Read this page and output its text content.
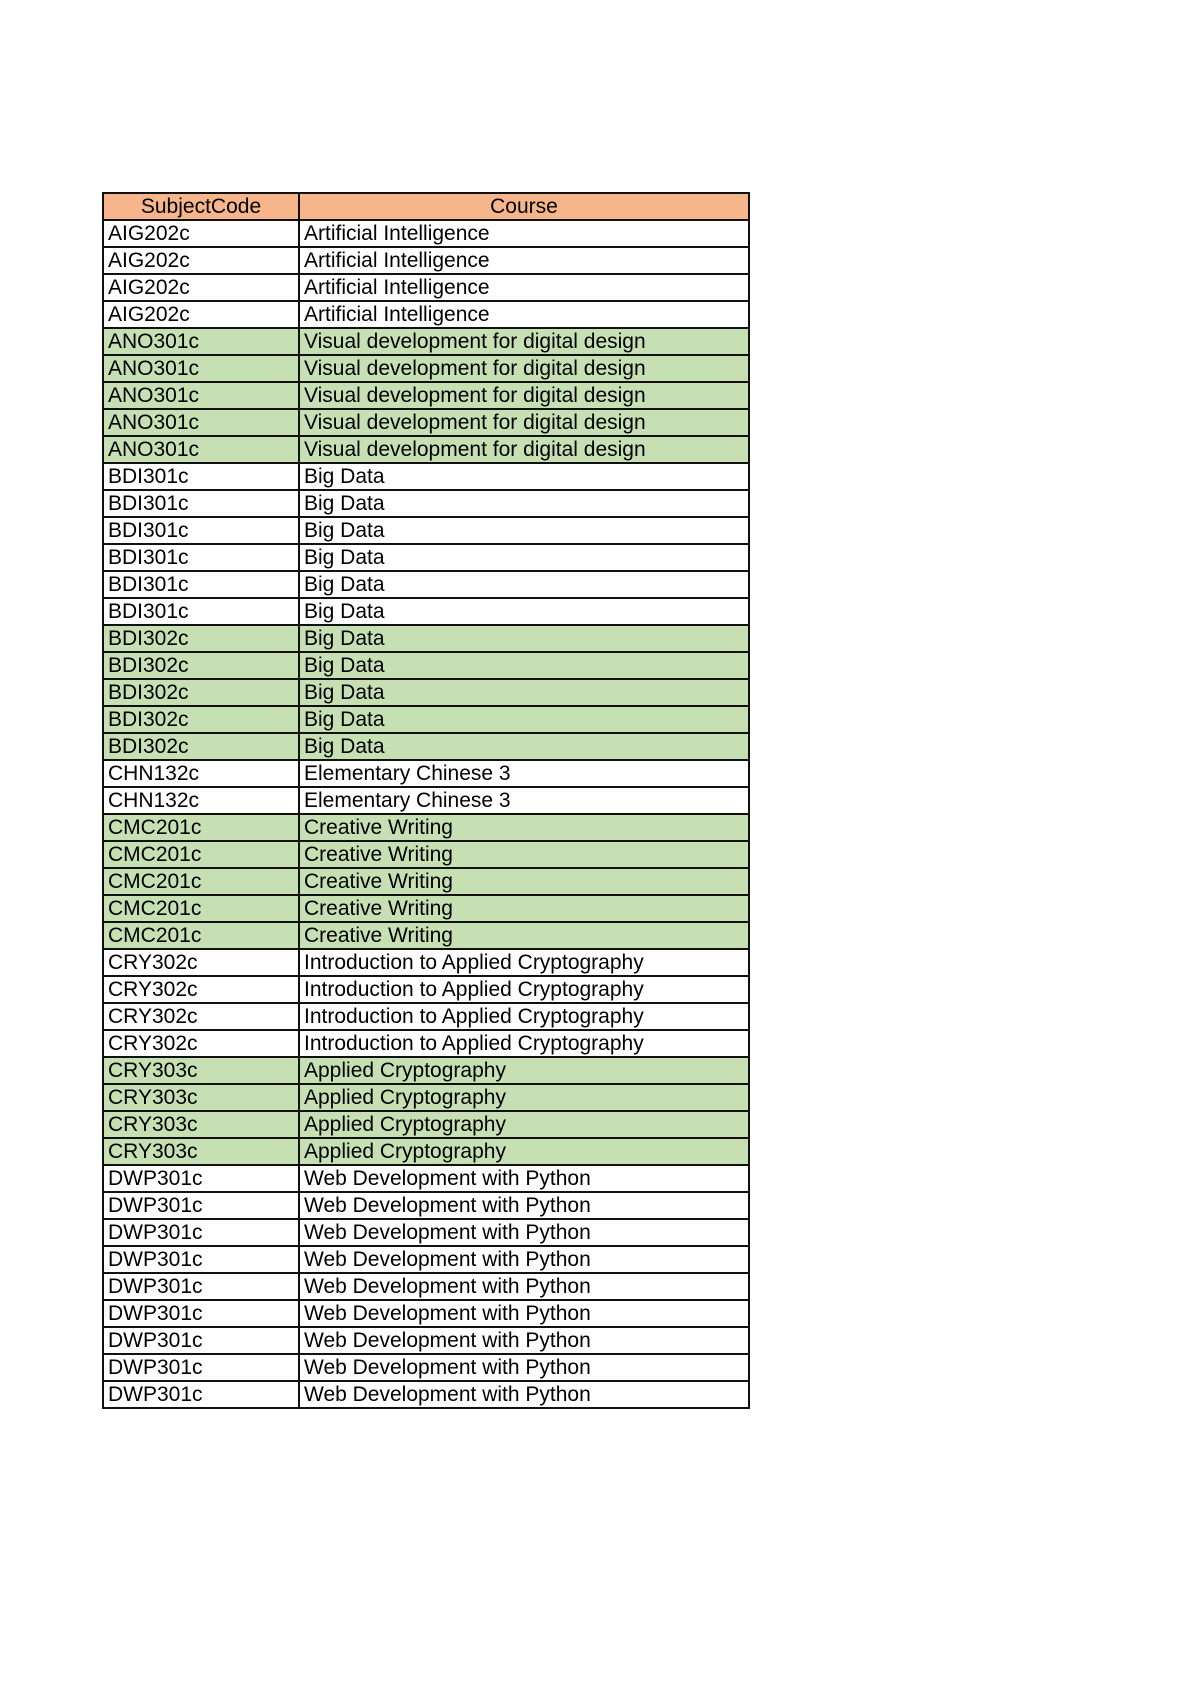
SubjectCode	Course
AIG202c	Artificial Intelligence
AIG202c	Artificial Intelligence
AIG202c	Artificial Intelligence
AIG202c	Artificial Intelligence
ANO301c	Visual development for digital design
ANO301c	Visual development for digital design
ANO301c	Visual development for digital design
ANO301c	Visual development for digital design
ANO301c	Visual development for digital design
BDI301c	Big Data
BDI301c	Big Data
BDI301c	Big Data
BDI301c	Big Data
BDI301c	Big Data
BDI301c	Big Data
BDI302c	Big Data
BDI302c	Big Data
BDI302c	Big Data
BDI302c	Big Data
BDI302c	Big Data
CHN132c	Elementary Chinese 3
CHN132c	Elementary Chinese 3
CMC201c	Creative Writing
CMC201c	Creative Writing
CMC201c	Creative Writing
CMC201c	Creative Writing
CMC201c	Creative Writing
CRY302c	Introduction to Applied Cryptography
CRY302c	Introduction to Applied Cryptography
CRY302c	Introduction to Applied Cryptography
CRY302c	Introduction to Applied Cryptography
CRY303c	Applied Cryptography
CRY303c	Applied Cryptography
CRY303c	Applied Cryptography
CRY303c	Applied Cryptography
DWP301c	Web Development with Python
DWP301c	Web Development with Python
DWP301c	Web Development with Python
DWP301c	Web Development with Python
DWP301c	Web Development with Python
DWP301c	Web Development with Python
DWP301c	Web Development with Python
DWP301c	Web Development with Python
DWP301c	Web Development with Python
